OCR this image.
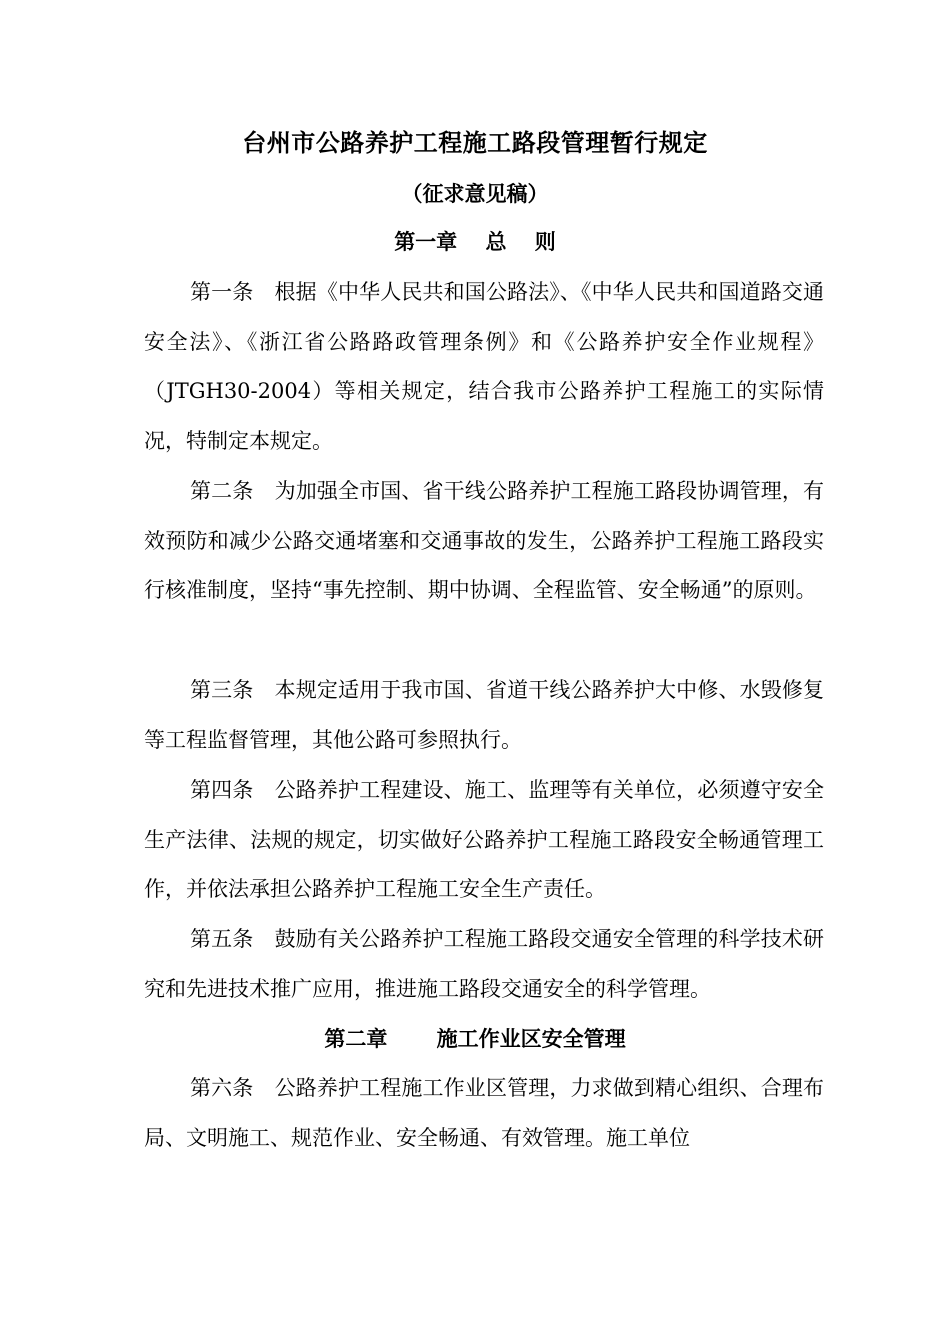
台州市公路养护工程施工路段管理暂行规定
（征求意见稿）
第一章　 总　 则

第一条　根据《中华人民共和国公路法》、《中华人民共和国道路交通安全法》、《浙江省公路路政管理条例》和《公路养护安全作业规程》（JTGH30-2004）等相关规定，结合我市公路养护工程施工的实际情况，特制定本规定。

第二条　为加强全市国、省干线公路养护工程施工路段协调管理，有效预防和减少公路交通堵塞和交通事故的发生，公路养护工程施工路段实行核准制度，坚持“事先控制、期中协调、全程监管、安全畅通”的原则。

第三条　本规定适用于我市国、省道干线公路养护大中修、水毁修复等工程监督管理，其他公路可参照执行。

第四条　公路养护工程建设、施工、监理等有关单位，必须遵守安全生产法律、法规的规定，切实做好公路养护工程施工路段安全畅通管理工作，并依法承担公路养护工程施工安全生产责任。

第五条　鼓励有关公路养护工程施工路段交通安全管理的科学技术研究和先进技术推广应用，推进施工路段交通安全的科学管理。

第二章　　 施工作业区安全管理

第六条　公路养护工程施工作业区管理，力求做到精心组织、合理布局、文明施工、规范作业、安全畅通、有效管理。施工单位
